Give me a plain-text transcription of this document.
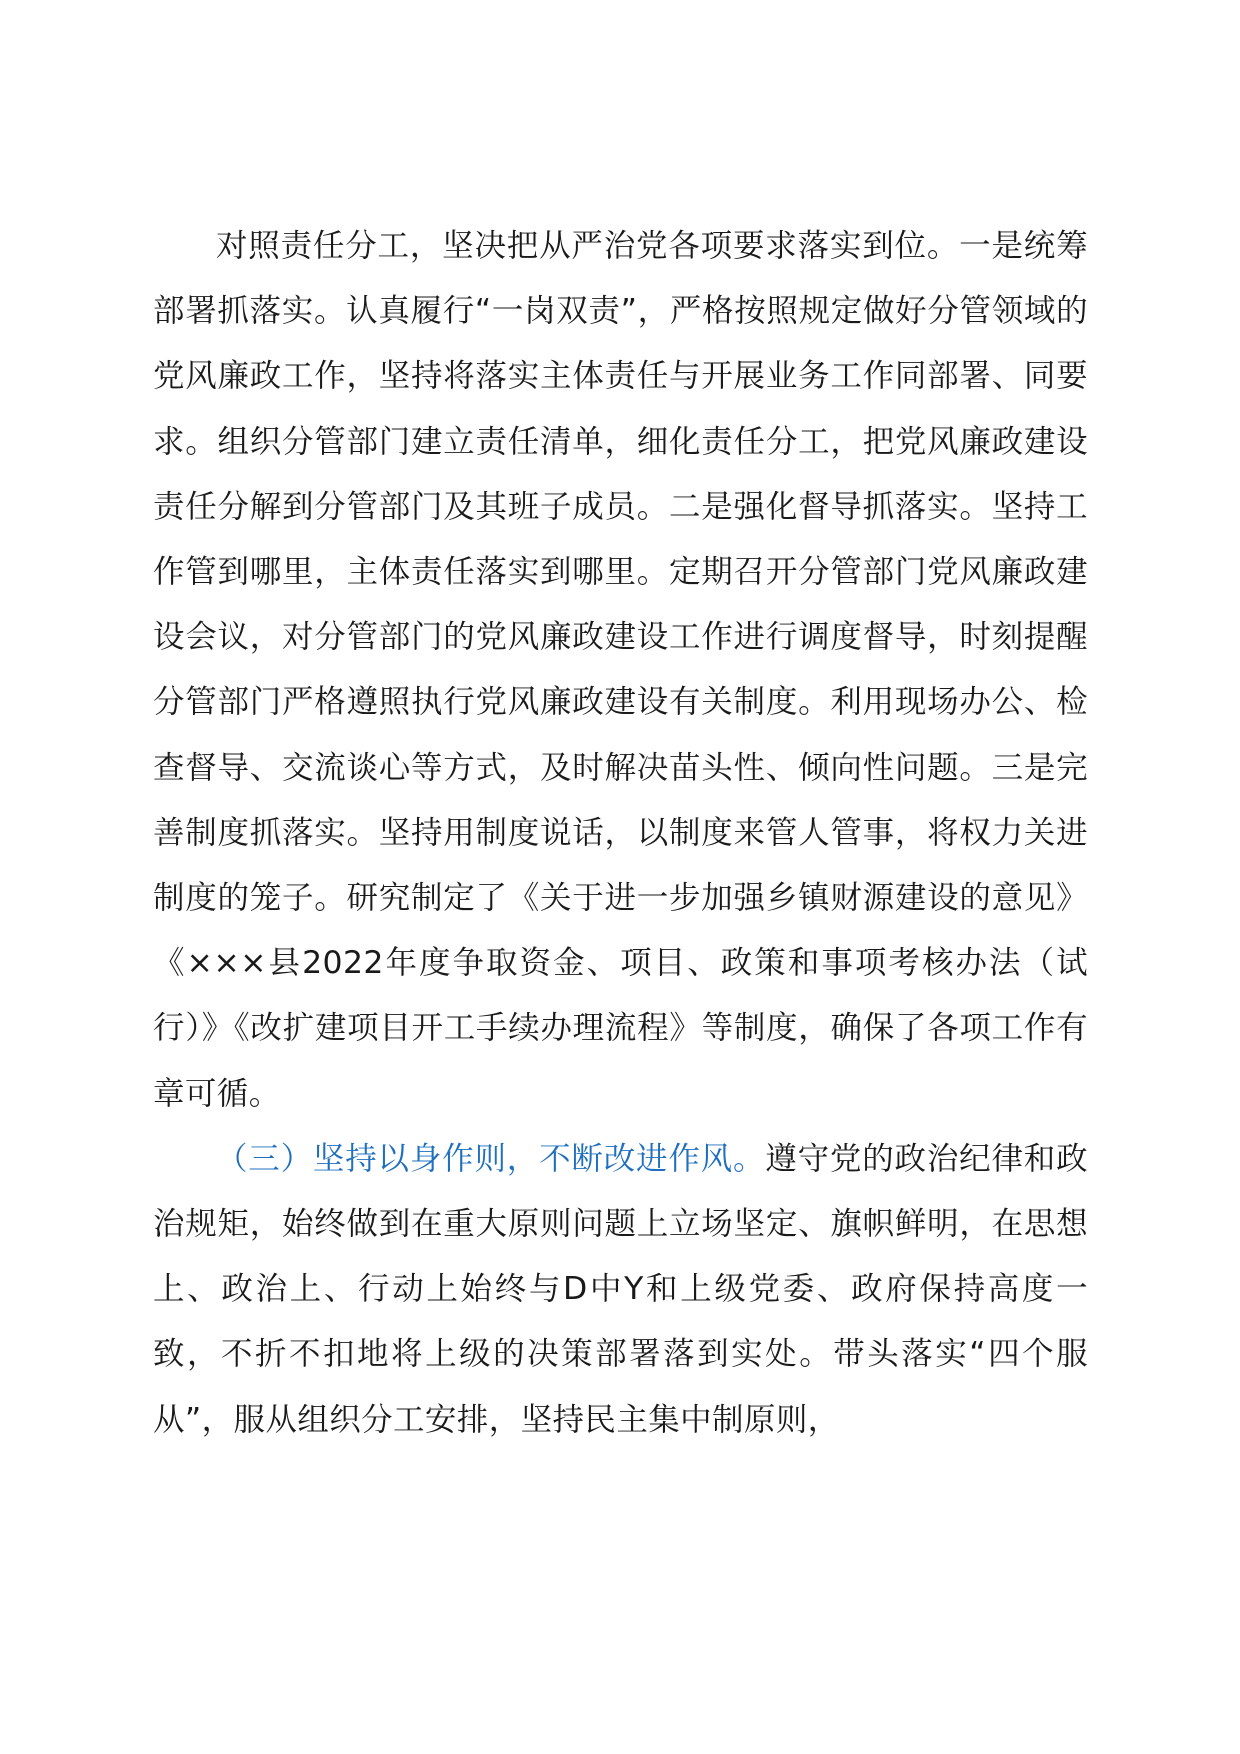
对照责任分工，坚决把从严治党各项要求落实到位。一是统筹部署抓落实。认真履行“一岗双责”，严格按照规定做好分管领域的党风廉政工作，坚持将落实主体责任与开展业务工作同部署、同要求。组织分管部门建立责任清单，细化责任分工，把党风廉政建设责任分解到分管部门及其班子成员。二是强化督导抓落实。坚持工作管到哪里，主体责任落实到哪里。定期召开分管部门党风廉政建设会议，对分管部门的党风廉政建设工作进行调度督导，时刻提醒分管部门严格遵照执行党风廉政建设有关制度。利用现场办公、检查督导、交流谈心等方式，及时解决苗头性、倾向性问题。三是完善制度抓落实。坚持用制度说话，以制度来管人管事，将权力关进制度的笼子。研究制定了《关于进一步加强乡镇财源建设的意见》《×××县2022年度争取资金、项目、政策和事项考核办法（试行）》《改扩建项目开工手续办理流程》等制度，确保了各项工作有章可循。

（三）坚持以身作则，不断改进作风。遵守党的政治纪律和政治规矩，始终做到在重大原则问题上立场坚定、旗帜鲜明，在思想上、政治上、行动上始终与D中Y和上级党委、政府保持高度一致，不折不扣地将上级的决策部署落到实处。带头落实“四个服从”，服从组织分工安排，坚持民主集中制原则，
